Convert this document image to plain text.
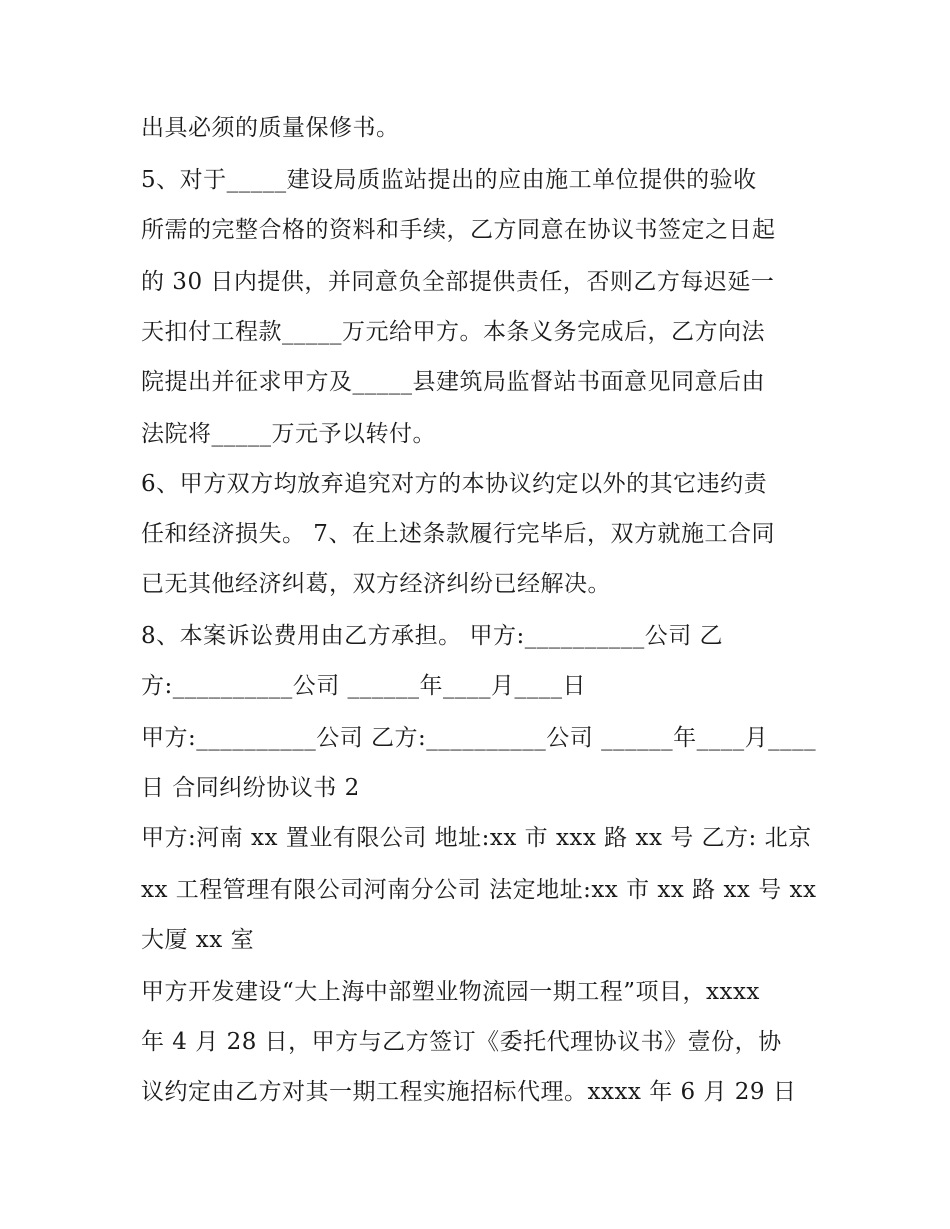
出具必须的质量保修书。
5、对于_____建设局质监站提出的应由施工单位提供的验收
所需的完整合格的资料和手续，乙方同意在协议书签定之日起
的 30 日内提供，并同意负全部提供责任，否则乙方每迟延一
天扣付工程款_____万元给甲方。本条义务完成后，乙方向法
院提出并征求甲方及_____县建筑局监督站书面意见同意后由
法院将_____万元予以转付。
6、甲方双方均放弃追究对方的本协议约定以外的其它违约责
任和经济损失。 7、在上述条款履行完毕后，双方就施工合同
已无其他经济纠葛，双方经济纠纷已经解决。
8、本案诉讼费用由乙方承担。 甲方:__________公司 乙
方:__________公司 ______年____月____日
甲方:__________公司 乙方:__________公司 ______年____月____
日 合同纠纷协议书 2
甲方:河南 xx 置业有限公司 地址:xx 市 xxx 路 xx 号 乙方: 北京
xx 工程管理有限公司河南分公司 法定地址:xx 市 xx 路 xx 号 xx
大厦 xx 室
甲方开发建设“大上海中部塑业物流园一期工程”项目，xxxx
年 4 月 28 日，甲方与乙方签订《委托代理协议书》壹份，协
议约定由乙方对其一期工程实施招标代理。xxxx 年 6 月 29 日
